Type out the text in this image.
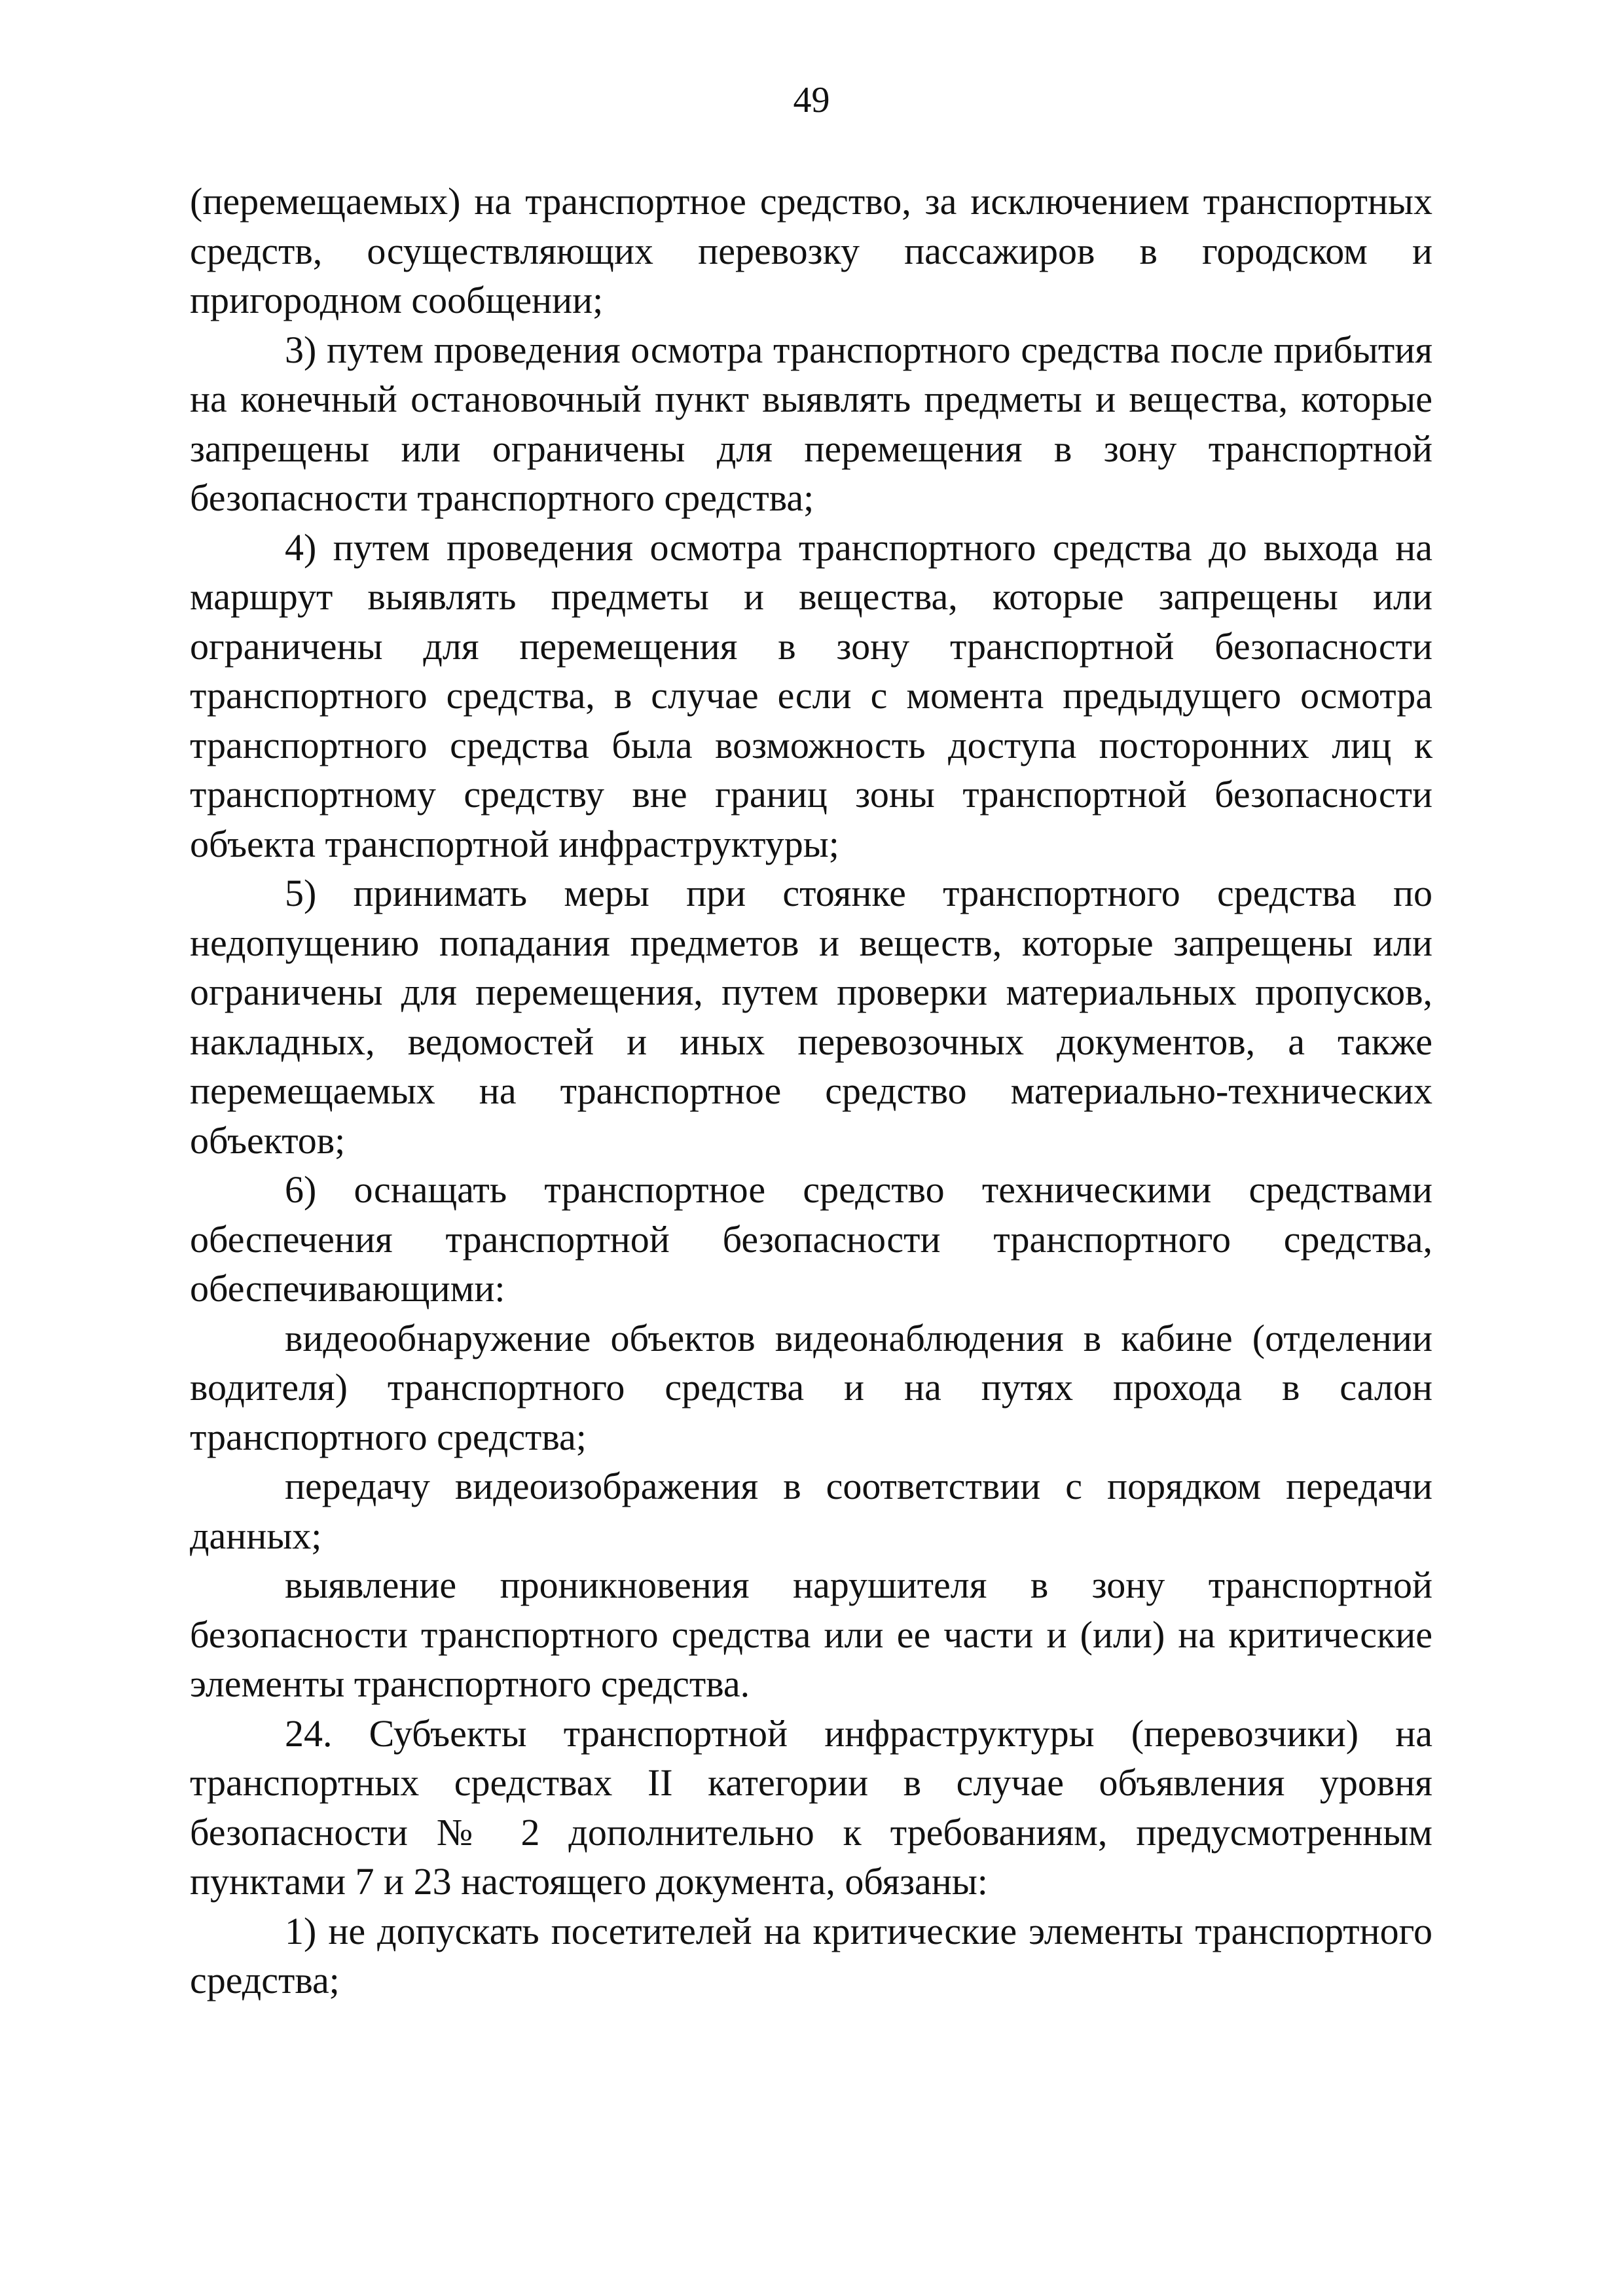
49

(перемещаемых) на транспортное средство, за исключением транспортных средств, осуществляющих перевозку пассажиров в городском и пригородном сообщении;

3) путем проведения осмотра транспортного средства после прибытия на конечный остановочный пункт выявлять предметы и вещества, которые запрещены или ограничены для перемещения в зону транспортной безопасности транспортного средства;

4) путем проведения осмотра транспортного средства до выхода на маршрут выявлять предметы и вещества, которые запрещены или ограничены для перемещения в зону транспортной безопасности транспортного средства, в случае если с момента предыдущего осмотра транспортного средства была возможность доступа посторонних лиц к транспортному средству вне границ зоны транспортной безопасности объекта транспортной инфраструктуры;

5) принимать меры при стоянке транспортного средства по недопущению попадания предметов и веществ, которые запрещены или ограничены для перемещения, путем проверки материальных пропусков, накладных, ведомостей и иных перевозочных документов, а также перемещаемых на транспортное средство материально-технических объектов;

6) оснащать транспортное средство техническими средствами обеспечения транспортной безопасности транспортного средства, обеспечивающими:

видеообнаружение объектов видеонаблюдения в кабине (отделении водителя) транспортного средства и на путях прохода в салон транспортного средства;

передачу видеоизображения в соответствии с порядком передачи данных;

выявление проникновения нарушителя в зону транспортной безопасности транспортного средства или ее части и (или) на критические элементы транспортного средства.

24. Субъекты транспортной инфраструктуры (перевозчики) на транспортных средствах II категории в случае объявления уровня безопасности № 2 дополнительно к требованиям, предусмотренным пунктами 7 и 23 настоящего документа, обязаны:

1) не допускать посетителей на критические элементы транспортного средства;
